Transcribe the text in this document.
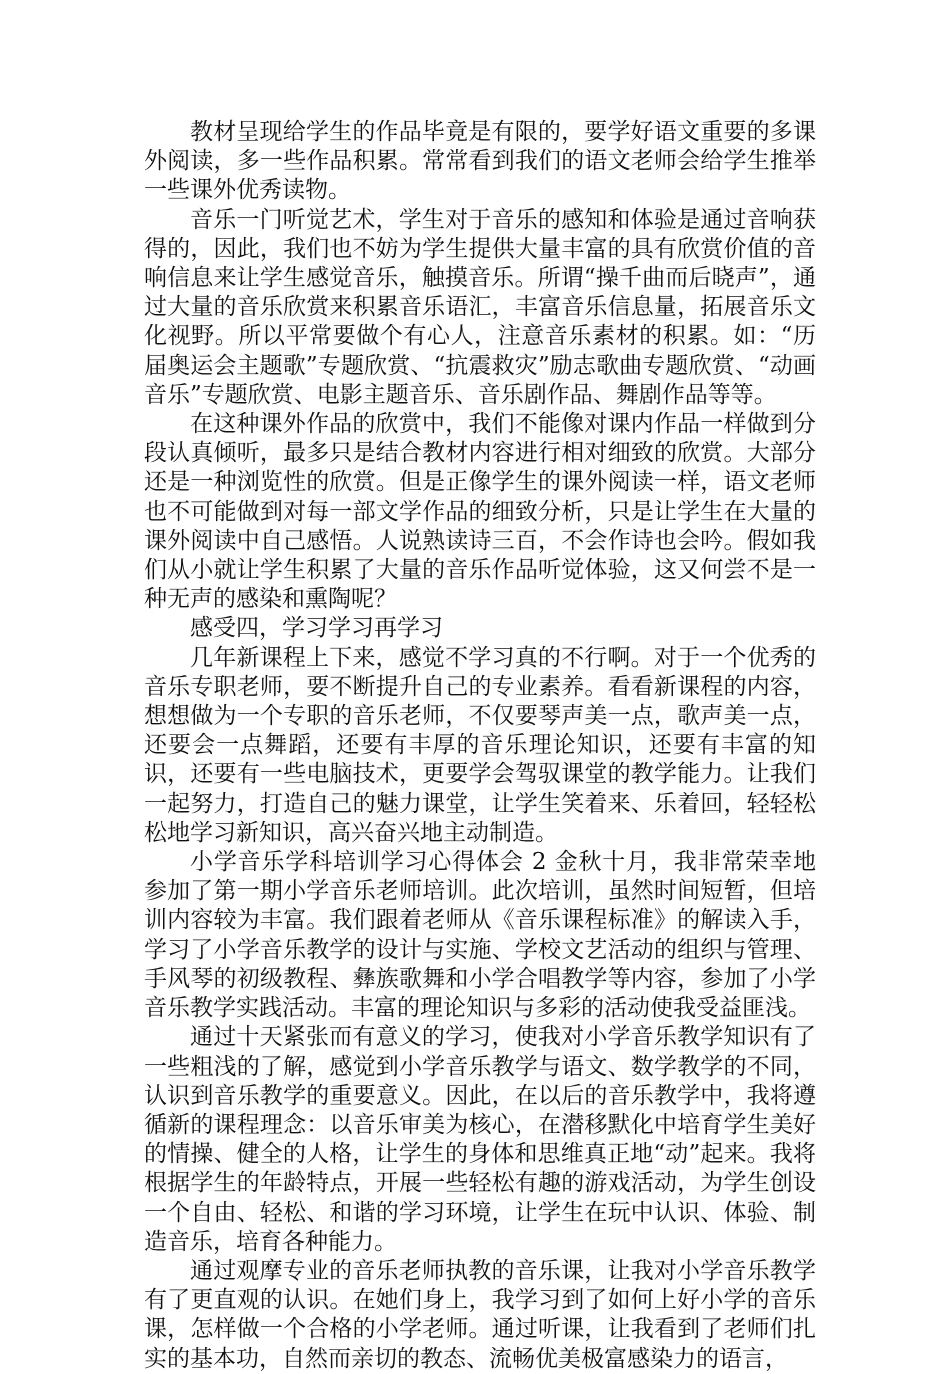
教材呈现给学生的作品毕竟是有限的，要学好语文重要的多课外阅读，多一些作品积累。常常看到我们的语文老师会给学生推举一些课外优秀读物。

音乐一门听觉艺术，学生对于音乐的感知和体验是通过音响获得的，因此，我们也不妨为学生提供大量丰富的具有欣赏价值的音响信息来让学生感觉音乐，触摸音乐。所谓“操千曲而后晓声”，通过大量的音乐欣赏来积累音乐语汇，丰富音乐信息量，拓展音乐文化视野。所以平常要做个有心人，注意音乐素材的积累。如：“历届奥运会主题歌”专题欣赏、“抗震救灾”励志歌曲专题欣赏、“动画音乐”专题欣赏、电影主题音乐、音乐剧作品、舞剧作品等等。

在这种课外作品的欣赏中，我们不能像对课内作品一样做到分段认真倾听，最多只是结合教材内容进行相对细致的欣赏。大部分还是一种浏览性的欣赏。但是正像学生的课外阅读一样，语文老师也不可能做到对每一部文学作品的细致分析，只是让学生在大量的课外阅读中自己感悟。人说熟读诗三百，不会作诗也会吟。假如我们从小就让学生积累了大量的音乐作品听觉体验，这又何尝不是一种无声的感染和熏陶呢？

感受四，学习学习再学习

几年新课程上下来，感觉不学习真的不行啊。对于一个优秀的音乐专职老师，要不断提升自己的专业素养。看看新课程的内容，想想做为一个专职的音乐老师，不仅要琴声美一点，歌声美一点，还要会一点舞蹈，还要有丰厚的音乐理论知识，还要有丰富的知识，还要有一些电脑技术，更要学会驾驭课堂的教学能力。让我们一起努力，打造自己的魅力课堂，让学生笑着来、乐着回，轻轻松松地学习新知识，高兴奋兴地主动制造。

小学音乐学科培训学习心得体会 2 金秋十月，我非常荣幸地参加了第一期小学音乐老师培训。此次培训，虽然时间短暂，但培训内容较为丰富。我们跟着老师从《音乐课程标准》的解读入手，学习了小学音乐教学的设计与实施、学校文艺活动的组织与管理、手风琴的初级教程、彝族歌舞和小学合唱教学等内容，参加了小学音乐教学实践活动。丰富的理论知识与多彩的活动使我受益匪浅。

通过十天紧张而有意义的学习，使我对小学音乐教学知识有了一些粗浅的了解，感觉到小学音乐教学与语文、数学教学的不同，认识到音乐教学的重要意义。因此，在以后的音乐教学中，我将遵循新的课程理念：以音乐审美为核心，在潜移默化中培育学生美好的情操、健全的人格，让学生的身体和思维真正地“动”起来。我将根据学生的年龄特点，开展一些轻松有趣的游戏活动，为学生创设一个自由、轻松、和谐的学习环境，让学生在玩中认识、体验、制造音乐，培育各种能力。

通过观摩专业的音乐老师执教的音乐课，让我对小学音乐教学有了更直观的认识。在她们身上，我学习到了如何上好小学的音乐课，怎样做一个合格的小学老师。通过听课，让我看到了老师们扎实的基本功，自然而亲切的教态、流畅优美极富感染力的语言，
